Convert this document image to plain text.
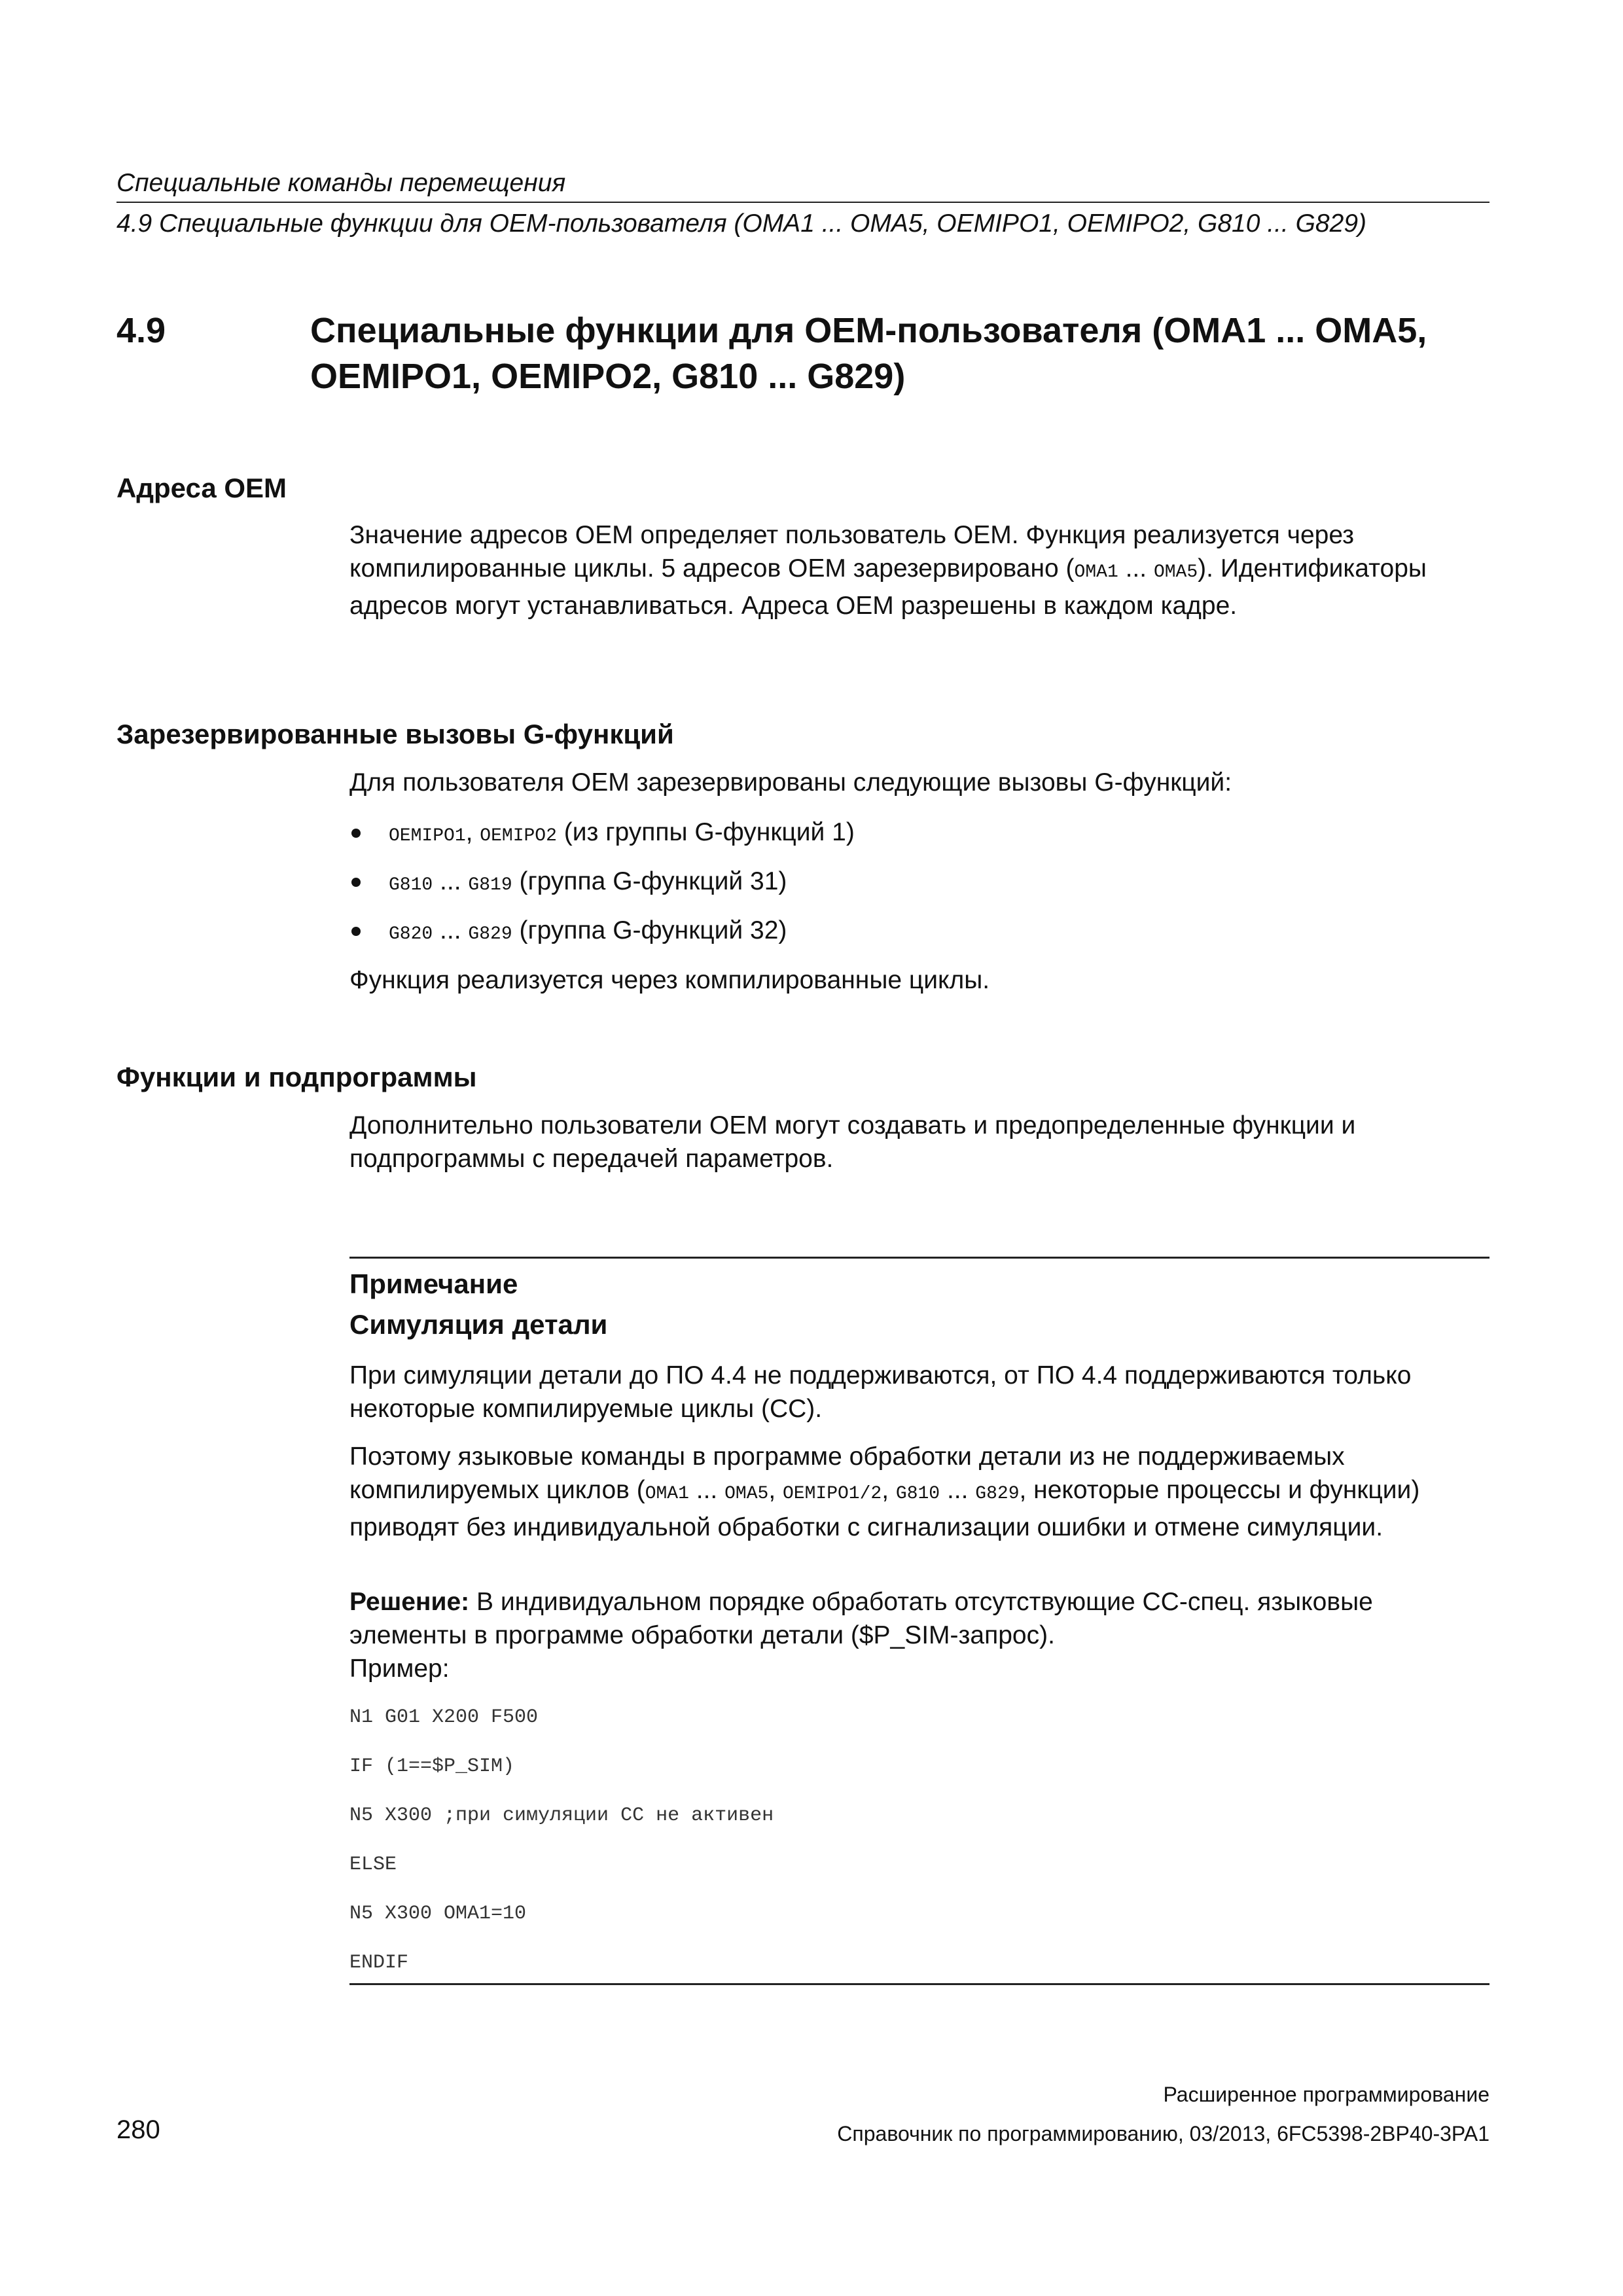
Специальные команды перемещения
4.9 Специальные функции для OEM-пользователя (OMA1 ... OMA5, OEMIPO1, OEMIPO2, G810 ... G829)
4.9	Специальные функции для OEM-пользователя (OMA1 ... OMA5, OEMIPO1, OEMIPO2, G810 ... G829)
Адреса OEM
Значение адресов OEM определяет пользователь OEM. Функция реализуется через компилированные циклы. 5 адресов OEM зарезервировано (OMA1 ... OMA5). Идентификаторы адресов могут устанавливаться. Адреса OEM разрешены в каждом кадре.
Зарезервированные вызовы G-функций
Для пользователя OEM зарезервированы следующие вызовы G-функций:
OEMIPO1, OEMIPO2 (из группы G-функций 1)
G810 ... G819 (группа G-функций 31)
G820 ... G829 (группа G-функций 32)
Функция реализуется через компилированные циклы.
Функции и подпрограммы
Дополнительно пользователи OEM могут создавать и предопределенные функции и подпрограммы с передачей параметров.
Примечание
Симуляция детали
При симуляции детали до ПО 4.4 не поддерживаются, от ПО 4.4 поддерживаются только некоторые компилируемые циклы (CC).
Поэтому языковые команды в программе обработки детали из не поддерживаемых компилируемых циклов (OMA1 ... OMA5, OEMIPO1/2, G810 ... G829, некоторые процессы и функции) приводят без индивидуальной обработки с сигнализации ошибки и отмене симуляции.
Решение: В индивидуальном порядке обработать отсутствующие CC-спец. языковые элементы в программе обработки детали ($P_SIM-запрос).
Пример:
N1 G01 X200 F500
IF (1==$P_SIM)
N5 X300 ;при симуляции CC не активен
ELSE
N5 X300 OMA1=10
ENDIF
Расширенное программирование
280	Справочник по программированию, 03/2013, 6FC5398-2BP40-3PA1
